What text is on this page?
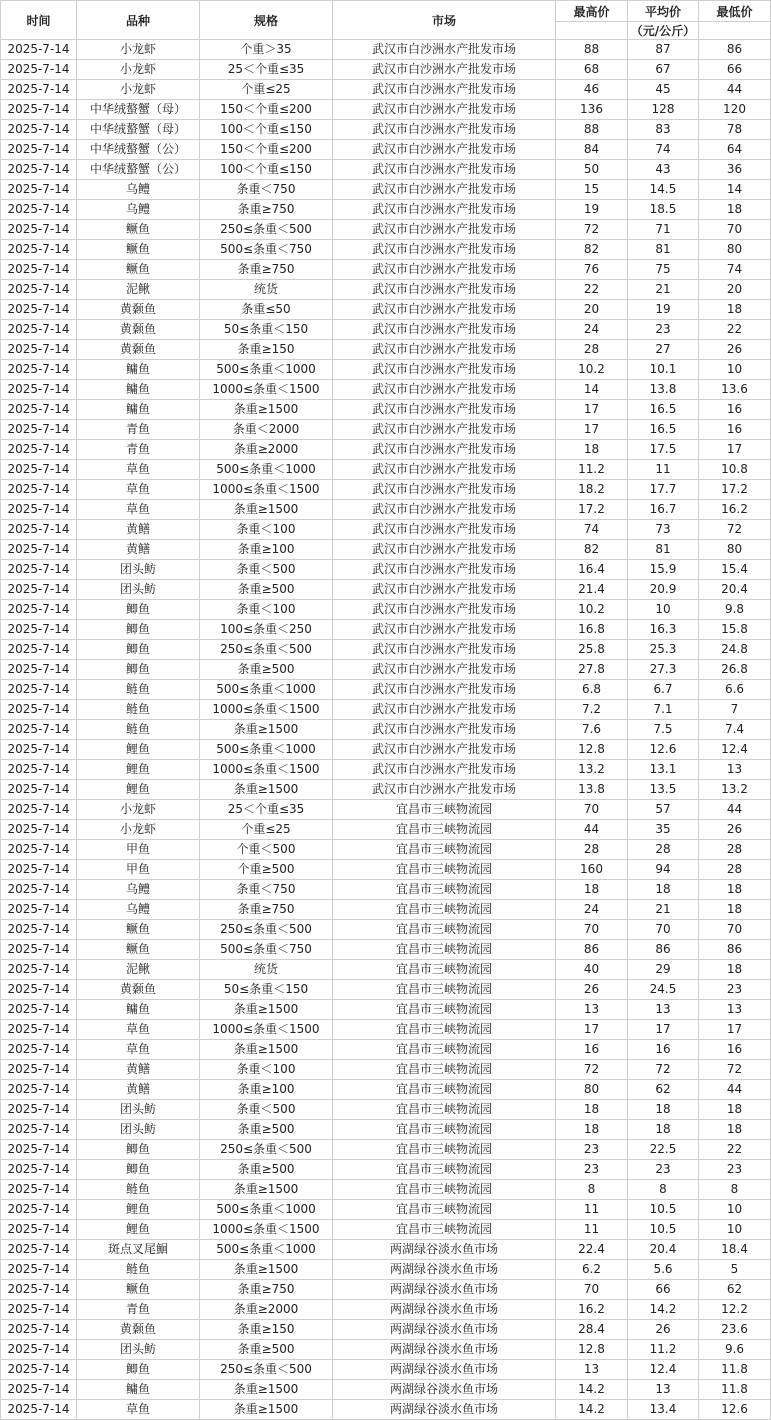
时间	品种	规格	市场	最高价	平均价	最低价
					（元/公斤）	
2025-7-14	小龙虾	个重＞35	武汉市白沙洲水产批发市场	88	87	86
2025-7-14	小龙虾	25＜个重≤35	武汉市白沙洲水产批发市场	68	67	66
2025-7-14	小龙虾	个重≤25	武汉市白沙洲水产批发市场	46	45	44
2025-7-14	中华绒螯蟹（母）	150＜个重≤200	武汉市白沙洲水产批发市场	136	128	120
2025-7-14	中华绒螯蟹（母）	100＜个重≤150	武汉市白沙洲水产批发市场	88	83	78
2025-7-14	中华绒螯蟹（公）	150＜个重≤200	武汉市白沙洲水产批发市场	84	74	64
2025-7-14	中华绒螯蟹（公）	100＜个重≤150	武汉市白沙洲水产批发市场	50	43	36
2025-7-14	乌鳢	条重＜750	武汉市白沙洲水产批发市场	15	14.5	14
2025-7-14	乌鳢	条重≥750	武汉市白沙洲水产批发市场	19	18.5	18
2025-7-14	鳜鱼	250≤条重＜500	武汉市白沙洲水产批发市场	72	71	70
2025-7-14	鳜鱼	500≤条重＜750	武汉市白沙洲水产批发市场	82	81	80
2025-7-14	鳜鱼	条重≥750	武汉市白沙洲水产批发市场	76	75	74
2025-7-14	泥鳅	统货	武汉市白沙洲水产批发市场	22	21	20
2025-7-14	黄颡鱼	条重≤50	武汉市白沙洲水产批发市场	20	19	18
2025-7-14	黄颡鱼	50≤条重＜150	武汉市白沙洲水产批发市场	24	23	22
2025-7-14	黄颡鱼	条重≥150	武汉市白沙洲水产批发市场	28	27	26
2025-7-14	鳙鱼	500≤条重＜1000	武汉市白沙洲水产批发市场	10.2	10.1	10
2025-7-14	鳙鱼	1000≤条重＜1500	武汉市白沙洲水产批发市场	14	13.8	13.6
2025-7-14	鳙鱼	条重≥1500	武汉市白沙洲水产批发市场	17	16.5	16
2025-7-14	青鱼	条重＜2000	武汉市白沙洲水产批发市场	17	16.5	16
2025-7-14	青鱼	条重≥2000	武汉市白沙洲水产批发市场	18	17.5	17
2025-7-14	草鱼	500≤条重＜1000	武汉市白沙洲水产批发市场	11.2	11	10.8
2025-7-14	草鱼	1000≤条重＜1500	武汉市白沙洲水产批发市场	18.2	17.7	17.2
2025-7-14	草鱼	条重≥1500	武汉市白沙洲水产批发市场	17.2	16.7	16.2
2025-7-14	黄鳝	条重＜100	武汉市白沙洲水产批发市场	74	73	72
2025-7-14	黄鳝	条重≥100	武汉市白沙洲水产批发市场	82	81	80
2025-7-14	团头鲂	条重＜500	武汉市白沙洲水产批发市场	16.4	15.9	15.4
2025-7-14	团头鲂	条重≥500	武汉市白沙洲水产批发市场	21.4	20.9	20.4
2025-7-14	鲫鱼	条重＜100	武汉市白沙洲水产批发市场	10.2	10	9.8
2025-7-14	鲫鱼	100≤条重＜250	武汉市白沙洲水产批发市场	16.8	16.3	15.8
2025-7-14	鲫鱼	250≤条重＜500	武汉市白沙洲水产批发市场	25.8	25.3	24.8
2025-7-14	鲫鱼	条重≥500	武汉市白沙洲水产批发市场	27.8	27.3	26.8
2025-7-14	鲢鱼	500≤条重＜1000	武汉市白沙洲水产批发市场	6.8	6.7	6.6
2025-7-14	鲢鱼	1000≤条重＜1500	武汉市白沙洲水产批发市场	7.2	7.1	7
2025-7-14	鲢鱼	条重≥1500	武汉市白沙洲水产批发市场	7.6	7.5	7.4
2025-7-14	鲤鱼	500≤条重＜1000	武汉市白沙洲水产批发市场	12.8	12.6	12.4
2025-7-14	鲤鱼	1000≤条重＜1500	武汉市白沙洲水产批发市场	13.2	13.1	13
2025-7-14	鲤鱼	条重≥1500	武汉市白沙洲水产批发市场	13.8	13.5	13.2
2025-7-14	小龙虾	25＜个重≤35	宜昌市三峡物流园	70	57	44
2025-7-14	小龙虾	个重≤25	宜昌市三峡物流园	44	35	26
2025-7-14	甲鱼	个重＜500	宜昌市三峡物流园	28	28	28
2025-7-14	甲鱼	个重≥500	宜昌市三峡物流园	160	94	28
2025-7-14	乌鳢	条重＜750	宜昌市三峡物流园	18	18	18
2025-7-14	乌鳢	条重≥750	宜昌市三峡物流园	24	21	18
2025-7-14	鳜鱼	250≤条重＜500	宜昌市三峡物流园	70	70	70
2025-7-14	鳜鱼	500≤条重＜750	宜昌市三峡物流园	86	86	86
2025-7-14	泥鳅	统货	宜昌市三峡物流园	40	29	18
2025-7-14	黄颡鱼	50≤条重＜150	宜昌市三峡物流园	26	24.5	23
2025-7-14	鳙鱼	条重≥1500	宜昌市三峡物流园	13	13	13
2025-7-14	草鱼	1000≤条重＜1500	宜昌市三峡物流园	17	17	17
2025-7-14	草鱼	条重≥1500	宜昌市三峡物流园	16	16	16
2025-7-14	黄鳝	条重＜100	宜昌市三峡物流园	72	72	72
2025-7-14	黄鳝	条重≥100	宜昌市三峡物流园	80	62	44
2025-7-14	团头鲂	条重＜500	宜昌市三峡物流园	18	18	18
2025-7-14	团头鲂	条重≥500	宜昌市三峡物流园	18	18	18
2025-7-14	鲫鱼	250≤条重＜500	宜昌市三峡物流园	23	22.5	22
2025-7-14	鲫鱼	条重≥500	宜昌市三峡物流园	23	23	23
2025-7-14	鲢鱼	条重≥1500	宜昌市三峡物流园	8	8	8
2025-7-14	鲤鱼	500≤条重＜1000	宜昌市三峡物流园	11	10.5	10
2025-7-14	鲤鱼	1000≤条重＜1500	宜昌市三峡物流园	11	10.5	10
2025-7-14	斑点叉尾鮰	500≤条重＜1000	两湖绿谷淡水鱼市场	22.4	20.4	18.4
2025-7-14	鲢鱼	条重≥1500	两湖绿谷淡水鱼市场	6.2	5.6	5
2025-7-14	鳜鱼	条重≥750	两湖绿谷淡水鱼市场	70	66	62
2025-7-14	青鱼	条重≥2000	两湖绿谷淡水鱼市场	16.2	14.2	12.2
2025-7-14	黄颡鱼	条重≥150	两湖绿谷淡水鱼市场	28.4	26	23.6
2025-7-14	团头鲂	条重≥500	两湖绿谷淡水鱼市场	12.8	11.2	9.6
2025-7-14	鲫鱼	250≤条重＜500	两湖绿谷淡水鱼市场	13	12.4	11.8
2025-7-14	鳙鱼	条重≥1500	两湖绿谷淡水鱼市场	14.2	13	11.8
2025-7-14	草鱼	条重≥1500	两湖绿谷淡水鱼市场	14.2	13.4	12.6
